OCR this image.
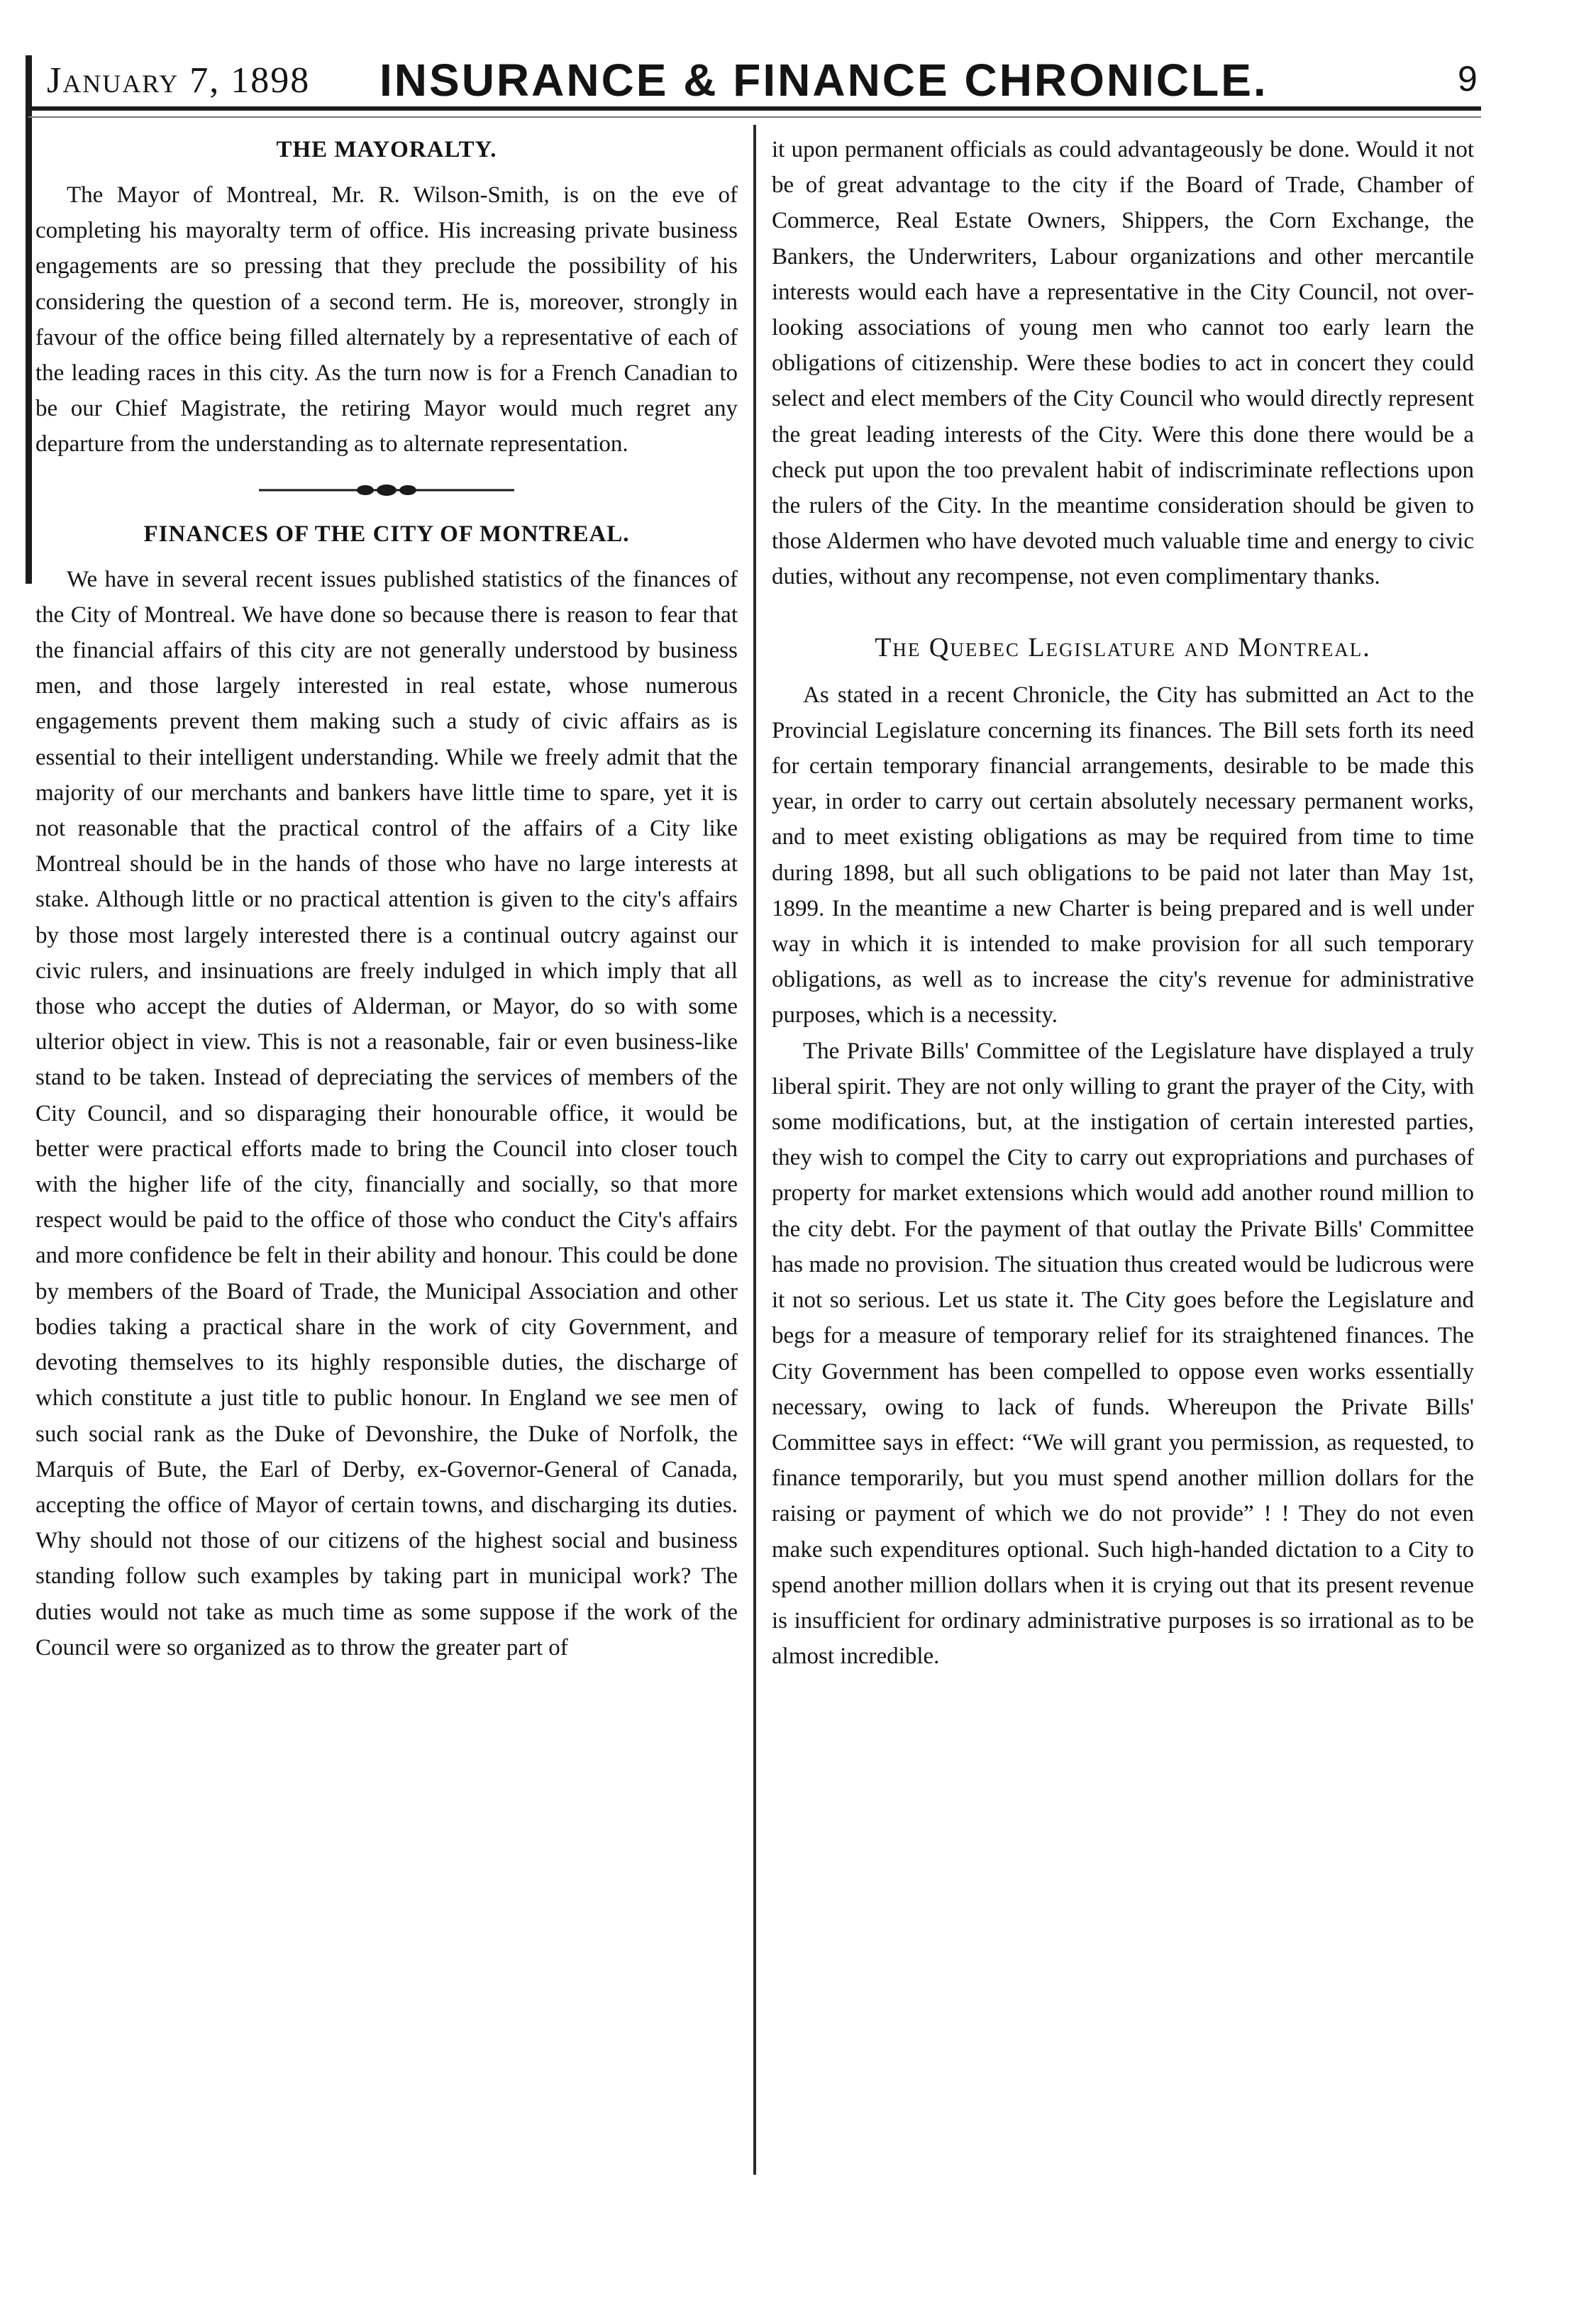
January 7, 1898 INSURANCE & FINANCE CHRONICLE.	9
THE MAYORALTY.

The Mayor of Montreal, Mr. R. Wilson-Smith, is on the eve of completing his mayoralty term of office. His increasing private business engagements are so pressing that they preclude the possibility of his considering the question of a second term. He is, moreover, strongly in favour of the office being filled alternately by a representative of each of the leading races in this city. As the turn now is for a French Canadian to be our Chief Magistrate, the retiring Mayor would much regret any departure from the understanding as to alternate representation.

FINANCES OF THE CITY OF MONTREAL.

We have in several recent issues published statistics of the finances of the City of Montreal. We have done so because there is reason to fear that the financial affairs of this city are not generally understood by business men, and those largely interested in real estate, whose numerous engagements prevent them making such a study of civic affairs as is essential to their intelligent understanding. While we freely admit that the majority of our merchants and bankers have little time to spare, yet it is not reasonable that the practical control of the affairs of a City like Montreal should be in the hands of those who have no large interests at stake. Although little or no practical attention is given to the city's affairs by those most largely interested there is a continual outcry against our civic rulers, and insinuations are freely indulged in which imply that all those who accept the duties of Alderman, or Mayor, do so with some ulterior object in view. This is not a reasonable, fair or even business-like stand to be taken. Instead of depreciating the services of members of the City Council, and so disparaging their honourable office, it would be better were practical efforts made to bring the Council into closer touch with the higher life of the city, financially and socially, so that more respect would be paid to the office of those who conduct the City's affairs and more confidence be felt in their ability and honour. This could be done by members of the Board of Trade, the Municipal Association and other bodies taking a practical share in the work of city Government, and devoting themselves to its highly responsible duties, the discharge of which constitute a just title to public honour. In England we see men of such social rank as the Duke of Devonshire, the Duke of Norfolk, the Marquis of Bute, the Earl of Derby, ex-Governor-General of Canada, accepting the office of Mayor of certain towns, and discharging its duties. Why should not those of our citizens of the highest social and business standing follow such examples by taking part in municipal work? The duties would not take as much time as some suppose if the work of the Council were so organized as to throw the greater part of

it upon permanent officials as could advantageously be done. Would it not be of great advantage to the city if the Board of Trade, Chamber of Commerce, Real Estate Owners, Shippers, the Corn Exchange, the Bankers, the Underwriters, Labour organizations and other mercantile interests would each have a representative in the City Council, not over-looking associations of young men who cannot too early learn the obligations of citizenship. Were these bodies to act in concert they could select and elect members of the City Council who would directly represent the great leading interests of the City. Were this done there would be a check put upon the too prevalent habit of indiscriminate reflections upon the rulers of the City. In the meantime consideration should be given to those Aldermen who have devoted much valuable time and energy to civic duties, without any recompense, not even complimentary thanks.

The Quebec Legislature and Montreal.

As stated in a recent Chronicle, the City has submitted an Act to the Provincial Legislature concerning its finances. The Bill sets forth its need for certain temporary financial arrangements, desirable to be made this year, in order to carry out certain absolutely necessary permanent works, and to meet existing obligations as may be required from time to time during 1898, but all such obligations to be paid not later than May 1st, 1899. In the meantime a new Charter is being prepared and is well under way in which it is intended to make provision for all such temporary obligations, as well as to increase the city's revenue for administrative purposes, which is a necessity.

The Private Bills' Committee of the Legislature have displayed a truly liberal spirit. They are not only willing to grant the prayer of the City, with some modifications, but, at the instigation of certain interested parties, they wish to compel the City to carry out expropriations and purchases of property for market extensions which would add another round million to the city debt. For the payment of that outlay the Private Bills' Committee has made no provision. The situation thus created would be ludicrous were it not so serious. Let us state it. The City goes before the Legislature and begs for a measure of temporary relief for its straightened finances. The City Government has been compelled to oppose even works essentially necessary, owing to lack of funds. Whereupon the Private Bills' Committee says in effect: “We will grant you permission, as requested, to finance temporarily, but you must spend another million dollars for the raising or payment of which we do not provide” ! ! They do not even make such expenditures optional. Such high-handed dictation to a City to spend another million dollars when it is crying out that its present revenue is insufficient for ordinary administrative purposes is so irrational as to be almost incredible.
